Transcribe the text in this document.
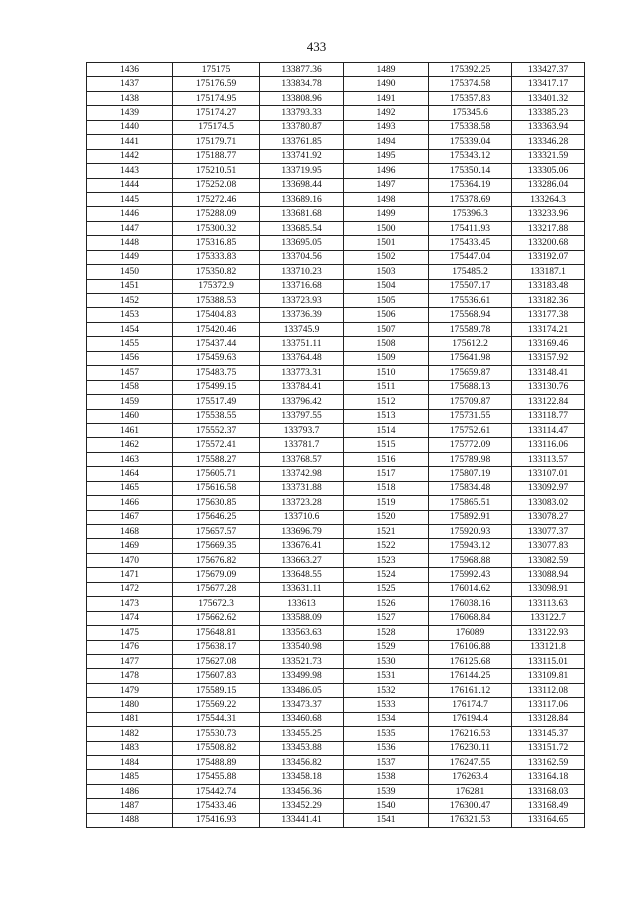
433
1436	175175	133877.36	1489	175392.25	133427.37
1437	175176.59	133834.78	1490	175374.58	133417.17
1438	175174.95	133808.96	1491	175357.83	133401.32
1439	175174.27	133793.33	1492	175345.6	133385.23
1440	175174.5	133780.87	1493	175338.58	133363.94
1441	175179.71	133761.85	1494	175339.04	133346.28
1442	175188.77	133741.92	1495	175343.12	133321.59
1443	175210.51	133719.95	1496	175350.14	133305.06
1444	175252.08	133698.44	1497	175364.19	133286.04
1445	175272.46	133689.16	1498	175378.69	133264.3
1446	175288.09	133681.68	1499	175396.3	133233.96
1447	175300.32	133685.54	1500	175411.93	133217.88
1448	175316.85	133695.05	1501	175433.45	133200.68
1449	175333.83	133704.56	1502	175447.04	133192.07
1450	175350.82	133710.23	1503	175485.2	133187.1
1451	175372.9	133716.68	1504	175507.17	133183.48
1452	175388.53	133723.93	1505	175536.61	133182.36
1453	175404.83	133736.39	1506	175568.94	133177.38
1454	175420.46	133745.9	1507	175589.78	133174.21
1455	175437.44	133751.11	1508	175612.2	133169.46
1456	175459.63	133764.48	1509	175641.98	133157.92
1457	175483.75	133773.31	1510	175659.87	133148.41
1458	175499.15	133784.41	1511	175688.13	133130.76
1459	175517.49	133796.42	1512	175709.87	133122.84
1460	175538.55	133797.55	1513	175731.55	133118.77
1461	175552.37	133793.7	1514	175752.61	133114.47
1462	175572.41	133781.7	1515	175772.09	133116.06
1463	175588.27	133768.57	1516	175789.98	133113.57
1464	175605.71	133742.98	1517	175807.19	133107.01
1465	175616.58	133731.88	1518	175834.48	133092.97
1466	175630.85	133723.28	1519	175865.51	133083.02
1467	175646.25	133710.6	1520	175892.91	133078.27
1468	175657.57	133696.79	1521	175920.93	133077.37
1469	175669.35	133676.41	1522	175943.12	133077.83
1470	175676.82	133663.27	1523	175968.88	133082.59
1471	175679.09	133648.55	1524	175992.43	133088.94
1472	175677.28	133631.11	1525	176014.62	133098.91
1473	175672.3	133613	1526	176038.16	133113.63
1474	175662.62	133588.09	1527	176068.84	133122.7
1475	175648.81	133563.63	1528	176089	133122.93
1476	175638.17	133540.98	1529	176106.88	133121.8
1477	175627.08	133521.73	1530	176125.68	133115.01
1478	175607.83	133499.98	1531	176144.25	133109.81
1479	175589.15	133486.05	1532	176161.12	133112.08
1480	175569.22	133473.37	1533	176174.7	133117.06
1481	175544.31	133460.68	1534	176194.4	133128.84
1482	175530.73	133455.25	1535	176216.53	133145.37
1483	175508.82	133453.88	1536	176230.11	133151.72
1484	175488.89	133456.82	1537	176247.55	133162.59
1485	175455.88	133458.18	1538	176263.4	133164.18
1486	175442.74	133456.36	1539	176281	133168.03
1487	175433.46	133452.29	1540	176300.47	133168.49
1488	175416.93	133441.41	1541	176321.53	133164.65
